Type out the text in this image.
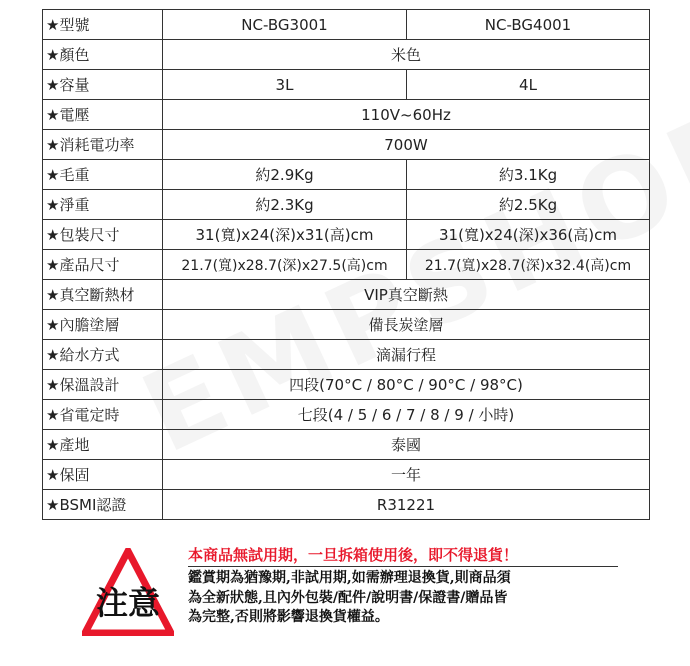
★型號	NC-BG3001	NC-BG4001
★顏色	米色	
★容量	3L	4L
★電壓	110V~60Hz	
★消耗電功率	700W	
★毛重	約2.9Kg	約3.1Kg
★淨重	約2.3Kg	約2.5Kg
★包裝尺寸	31(寬)x24(深)x31(高)cm	31(寬)x24(深)x36(高)cm
★產品尺寸	21.7(寬)x28.7(深)x27.5(高)cm	21.7(寬)x28.7(深)x32.4(高)cm
★真空斷熱材	VIP真空斷熱	
★內膽塗層	備長炭塗層	
★給水方式	滴漏行程	
★保溫設計	四段(70°C / 80°C / 90°C / 98°C)	
★省電定時	七段(4 / 5 / 6 / 7 / 8 / 9 / 小時)	
★產地	泰國	
★保固	一年	
★BSMI認證	R31221	
注意
本商品無試用期，一旦拆箱使用後，即不得退貨！
鑑賞期為猶豫期,非試用期,如需辦理退換貨,則商品須
為全新狀態,且內外包裝/配件/說明書/保證書/贈品皆
為完整,否則將影響退換貨權益。
